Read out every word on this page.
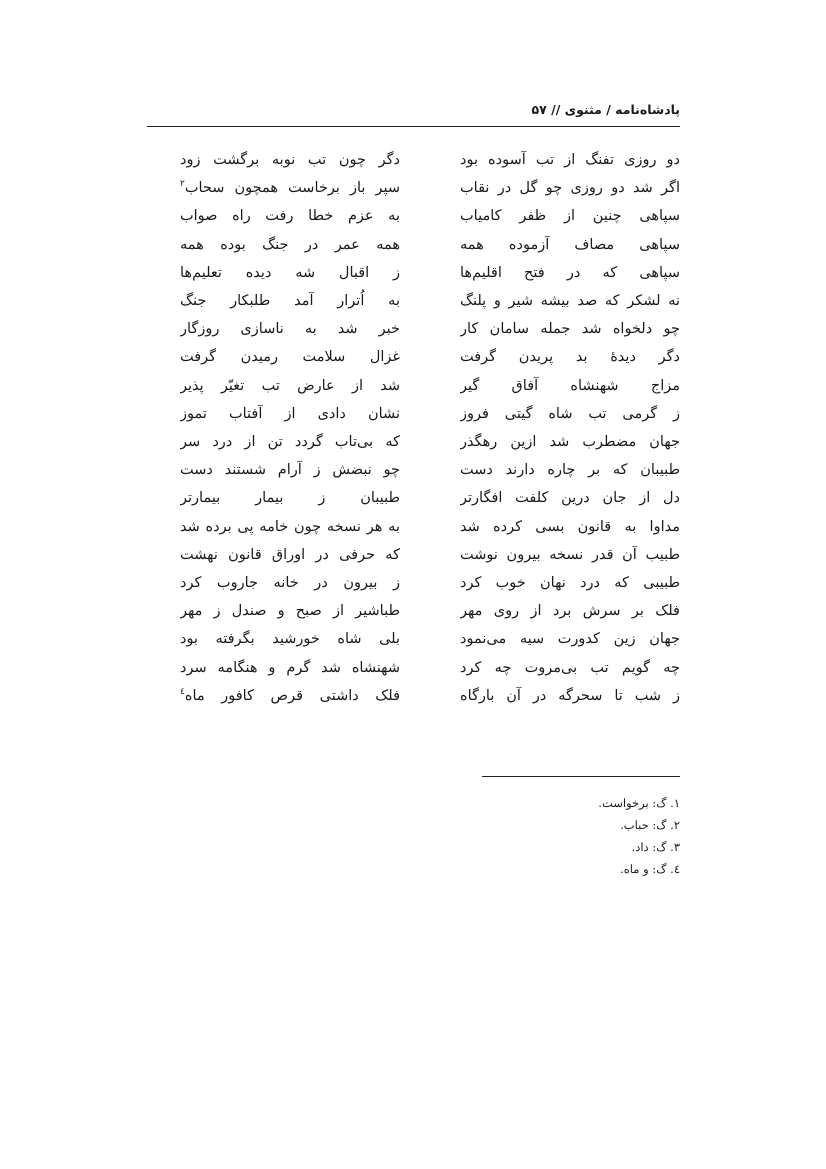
پادشاه‌نامه / مثنوی // ۵۷
دو روزی تفنگ از تب آسوده بود
دگر چون تب نوبه برگشت زود
اگر شد دو روزی چو گل در نقاب
سپر باز برخاست همچون سحاب$^۲$
سپاهی چنین از ظفر کامیاب
به عزم خطا رفت راه صواب
سپاهی مصاف آزموده همه
همه عمر در جنگ بوده همه
سپاهی که در فتح اقلیم‌ها
ز اقبال شه دیده تعلیم‌ها
نه لشکر که صد بیشه شیر و پلنگ
به اُترار آمد طلبکار جنگ
چو دلخواه شد جمله سامان کار
خبر شد به ناسازی روزگار
دگر دیدهٔ بد پریدن گرفت
غزال سلامت رمیدن گرفت
مزاج شهنشاه آفاق گیر
شد از عارض تب تغیّر پذیر
ز گرمی تب شاه گیتی فروز
نشان دادی از آفتاب تموز
جهان مضطرب شد ازین رهگذر
که بی‌تاب گردد تن از درد سر
طبیبان که بر چاره دارند دست
چو نبضش ز آرام شستند دست
دل از جان درین کلفت افگارتر
طبیبان ز بیمار بیمارتر
مداوا به قانون بسی کرده شد
به هر نسخه چون خامه پی برده شد
طبیب آن قدر نسخه بیرون نوشت
که حرفی در اوراق قانون نهشت
طبیبی که درد نهان خوب کرد
ز بیرون در خانه جاروب کرد
فلک بر سرش برد از روی مهر
طباشیر از صبح و صندل ز مهر
جهان زین کدورت سیه می‌نمود
بلی شاه خورشید بگرفته بود
چه گویم تب بی‌مروت چه کرد
شهنشاه شد گرم و هنگامه سرد
ز شب تا سحرگه در آن بارگاه
فلک داشتی قرص کافور ماه$^٤$
۱. گ: برخواست.
۲. گ: حباب.
۳. گ: داد.
٤. گ: و ماه.
